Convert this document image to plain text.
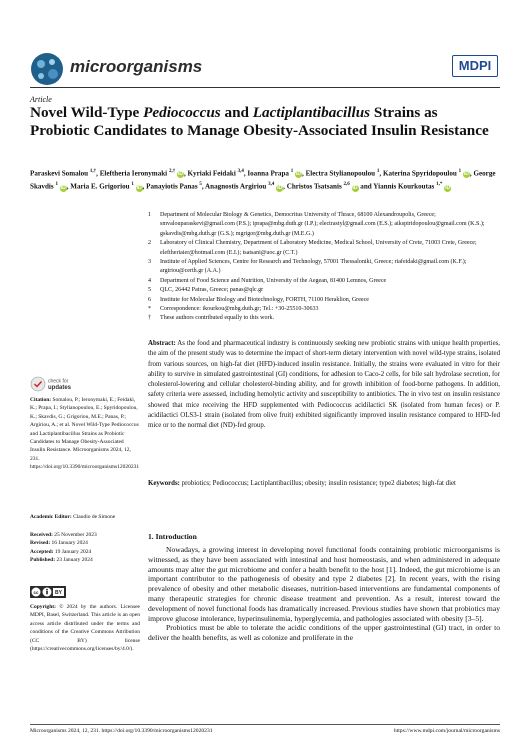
microorganisms	MDPI
Article
Novel Wild-Type Pediococcus and Lactiplantibacillus Strains as Probiotic Candidates to Manage Obesity-Associated Insulin Resistance
Paraskevi Somalou $^{1,\dagger}$, Eleftheria Ieronymaki $^{2,\dagger}$ iD, Kyriaki Feidaki $^{3,4}$, Ioanna Prapa $^1$ iD, Electra Stylianopoulou $^1$, Katerina Spyridopoulou $^1$ iD, George Skavdis $^1$ iD, Maria E. Grigoriou $^1$ iD, Panayiotis Panas $^5$, Anagnostis Argiriou $^{3,4}$ iD, Christos Tsatsanis $^{2,6}$ iD and Yiannis Kourkoutas $^{1,*}$ iD
1	Department of Molecular Biology & Genetics, Democritus University of Thrace, 68100 Alexandroupolis, Greece; smvalouparaskevi@gmail.com (P.S.); iprapa@mbg.duth.gr (I.P.); electrastyl@gmail.com (E.S.); aikspiridopoulou@gmail.com (K.S.); gskavdis@mbg.duth.gr (G.S.); mgrigor@mbg.duth.gr (M.E.G.)
2	Laboratory of Clinical Chemistry, Department of Laboratory Medicine, Medical School, University of Crete, 71003 Crete, Greece; eleftheriaier@hotmail.com (E.I.); tsatsani@uoc.gr (C.T.)
3	Institute of Applied Sciences, Centre for Research and Technology, 57001 Thessaloniki, Greece; riafeidaki@gmail.com (K.F.); argiriou@certh.gr (A.A.)
4	Department of Food Science and Nutrition, University of the Aegean, 81400 Lemnos, Greece
5	QLC, 26442 Patras, Greece; panas@qlc.gr
6	Institute for Molecular Biology and Biotechnology, FORTH, 71100 Heraklion, Greece
*	Correspondence: ikourkou@mbg.duth.gr; Tel.: +30-25510-30633
†	These authors contributed equally to this work.
Abstract: As the food and pharmaceutical industry is continuously seeking new probiotic strains with unique health properties, the aim of the present study was to determine the impact of short-term dietary intervention with novel wild-type strains, isolated from various sources, on high-fat diet (HFD)-induced insulin resistance. Initially, the strains were evaluated in vitro for their ability to survive in simulated gastrointestinal (GI) conditions, for adhesion to Caco-2 cells, for bile salt hydrolase secretion, for cholesterol-lowering and cellular cholesterol-binding ability, and for growth inhibition of food-borne pathogens. In addition, safety criteria were assessed, including hemolytic activity and susceptibility to antibiotics. The in vivo test on insulin resistance showed that mice receiving the HFD supplemented with Pediococcus acidilactici SK (isolated from human feces) or P. acidilactici OLS3-1 strain (isolated from olive fruit) exhibited significantly improved insulin resistance compared to HFD-fed mice or to the normal diet (ND)-fed group.
Keywords: probiotics; Pediococcus; Lactiplantibacillus; obesity; insulin resistance; type2 diabetes; high-fat diet
check for
updates
Citation: Somalou, P.; Ieronymaki, E.; Feidaki, K.; Prapa, I.; Stylianopoulou, E.; Spyridopoulou, K.; Skavdis, G.; Grigoriou, M.E.; Panas, P.; Argiriou, A.; et al. Novel Wild-Type Pediococcus and Lactiplantibacillus Strains as Probiotic Candidates to Manage Obesity-Associated Insulin Resistance. Microorganisms 2024, 12, 231. https://doi.org/10.3390/microorganisms12020231
Academic Editor: Claudio de Simone
Received: 25 November 2023
Revised: 16 January 2024
Accepted: 19 January 2024
Published: 23 January 2024
cc	BY
Copyright: © 2024 by the authors. Licensee MDPI, Basel, Switzerland. This article is an open access article distributed under the terms and conditions of the Creative Commons Attribution (CC BY) license (https://creativecommons.org/licenses/by/4.0/).
1. Introduction

Nowadays, a growing interest in developing novel functional foods containing probiotic microorganisms is witnessed, as they have been associated with intestinal and host homeostasis, and when administered in adequate amounts may alter the gut microbiome and confer a health benefit to the host [1]. Indeed, the gut microbiome is an important contributor to the pathogenesis of obesity and type 2 diabetes [2]. In recent years, with the rising prevalence of obesity and other metabolic diseases, nutrition-based interventions are fundamental components of many therapeutic strategies for chronic disease treatment and prevention. As a result, interest toward the development of novel functional foods has dramatically increased. Previous studies have shown that probiotics may improve glucose intolerance, hyperinsulinemia, hyperglycemia, and pathologies associated with obesity [3–5].

Probiotics must be able to tolerate the acidic conditions of the upper gastrointestinal (GI) tract, in order to deliver the health benefits, as well as colonize and proliferate in the

Microorganisms 2024, 12, 231. https://doi.org/10.3390/microorganisms12020231	https://www.mdpi.com/journal/microorganisms
